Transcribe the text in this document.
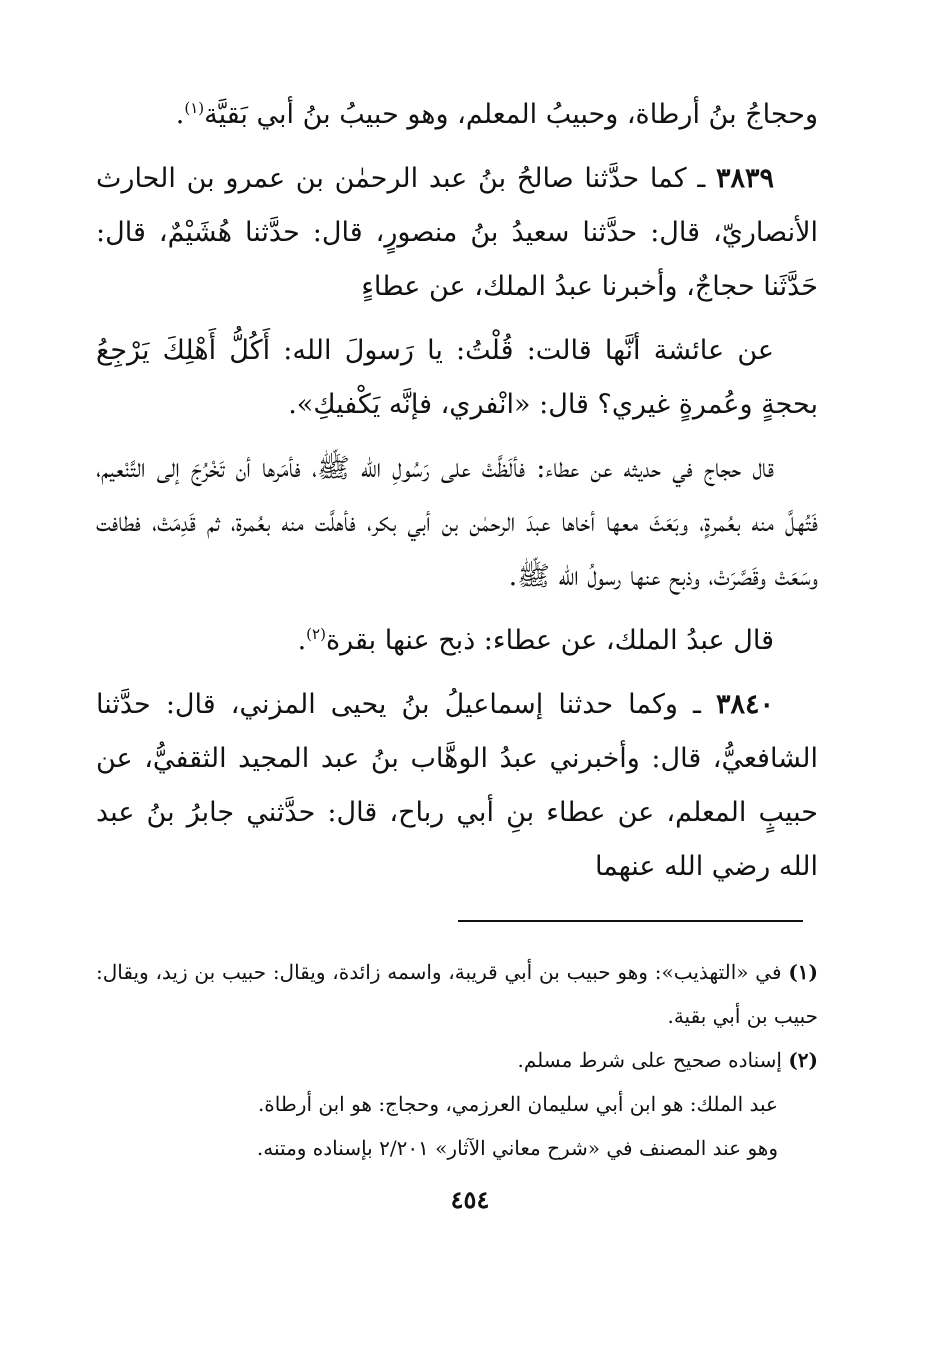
وحجاجُ بنُ أرطاة، وحبيبُ المعلم، وهو حبيبُ بنُ أبي بَقيَّة$^{(١)}$.

٣٨٣٩ ـ كما حدَّثنا صالحُ بنُ عبد الرحمٰن بن عمرو بن الحارث الأنصاريّ، قال: حدَّثنا سعيدُ بنُ منصورٍ، قال: حدَّثنا هُشَيْمٌ، قال: حَدَّثَنا حجاجٌ، وأخبرنا عبدُ الملك، عن عطاءٍ

عن عائشة أنَّها قالت: قُلْتُ: يا رَسولَ الله: أَكُلُّ أَهْلِكَ يَرْجِعُ بحجةٍ وعُمرةٍ غيري؟ قال: «انْفري، فإنَّه يَكْفيكِ».

قال حجاج في حديثه عن عطاء: فألَظَّتْ على رَسُولِ الله ﷺ، فأمَرها أن تَخْرُجَ إلى التَّنْعيم، فَتُهلَّ منه بعُمرةٍ، وبَعَثَ معها أخاها عبدَ الرحمٰن بن أبي بكر، فأهلَّت منه بعُمرة، ثم قَدِمَتْ، فطافت وسَعَتْ وقَصَّرَتْ، وذبح عنها رسولُ الله ﷺ.

قال عبدُ الملك، عن عطاء: ذبح عنها بقرة$^{(٢)}$.

٣٨٤٠ ـ وكما حدثنا إسماعيلُ بنُ يحيى المزني، قال: حدَّثنا الشافعيُّ، قال: وأخبرني عبدُ الوهَّاب بنُ عبد المجيد الثقفيُّ، عن حبيبٍ المعلم، عن عطاء بنِ أبي رباح، قال: حدَّثني جابرُ بنُ عبد الله رضي الله عنهما

(١) في «التهذيب»: وهو حبيب بن أبي قريبة، واسمه زائدة، ويقال: حبيب بن زيد، ويقال: حبيب بن أبي بقية.

(٢) إسناده صحيح على شرط مسلم.

عبد الملك: هو ابن أبي سليمان العرزمي، وحجاج: هو ابن أرطاة.

وهو عند المصنف في «شرح معاني الآثار» ٢/٢٠١ بإسناده ومتنه.

٤٥٤
